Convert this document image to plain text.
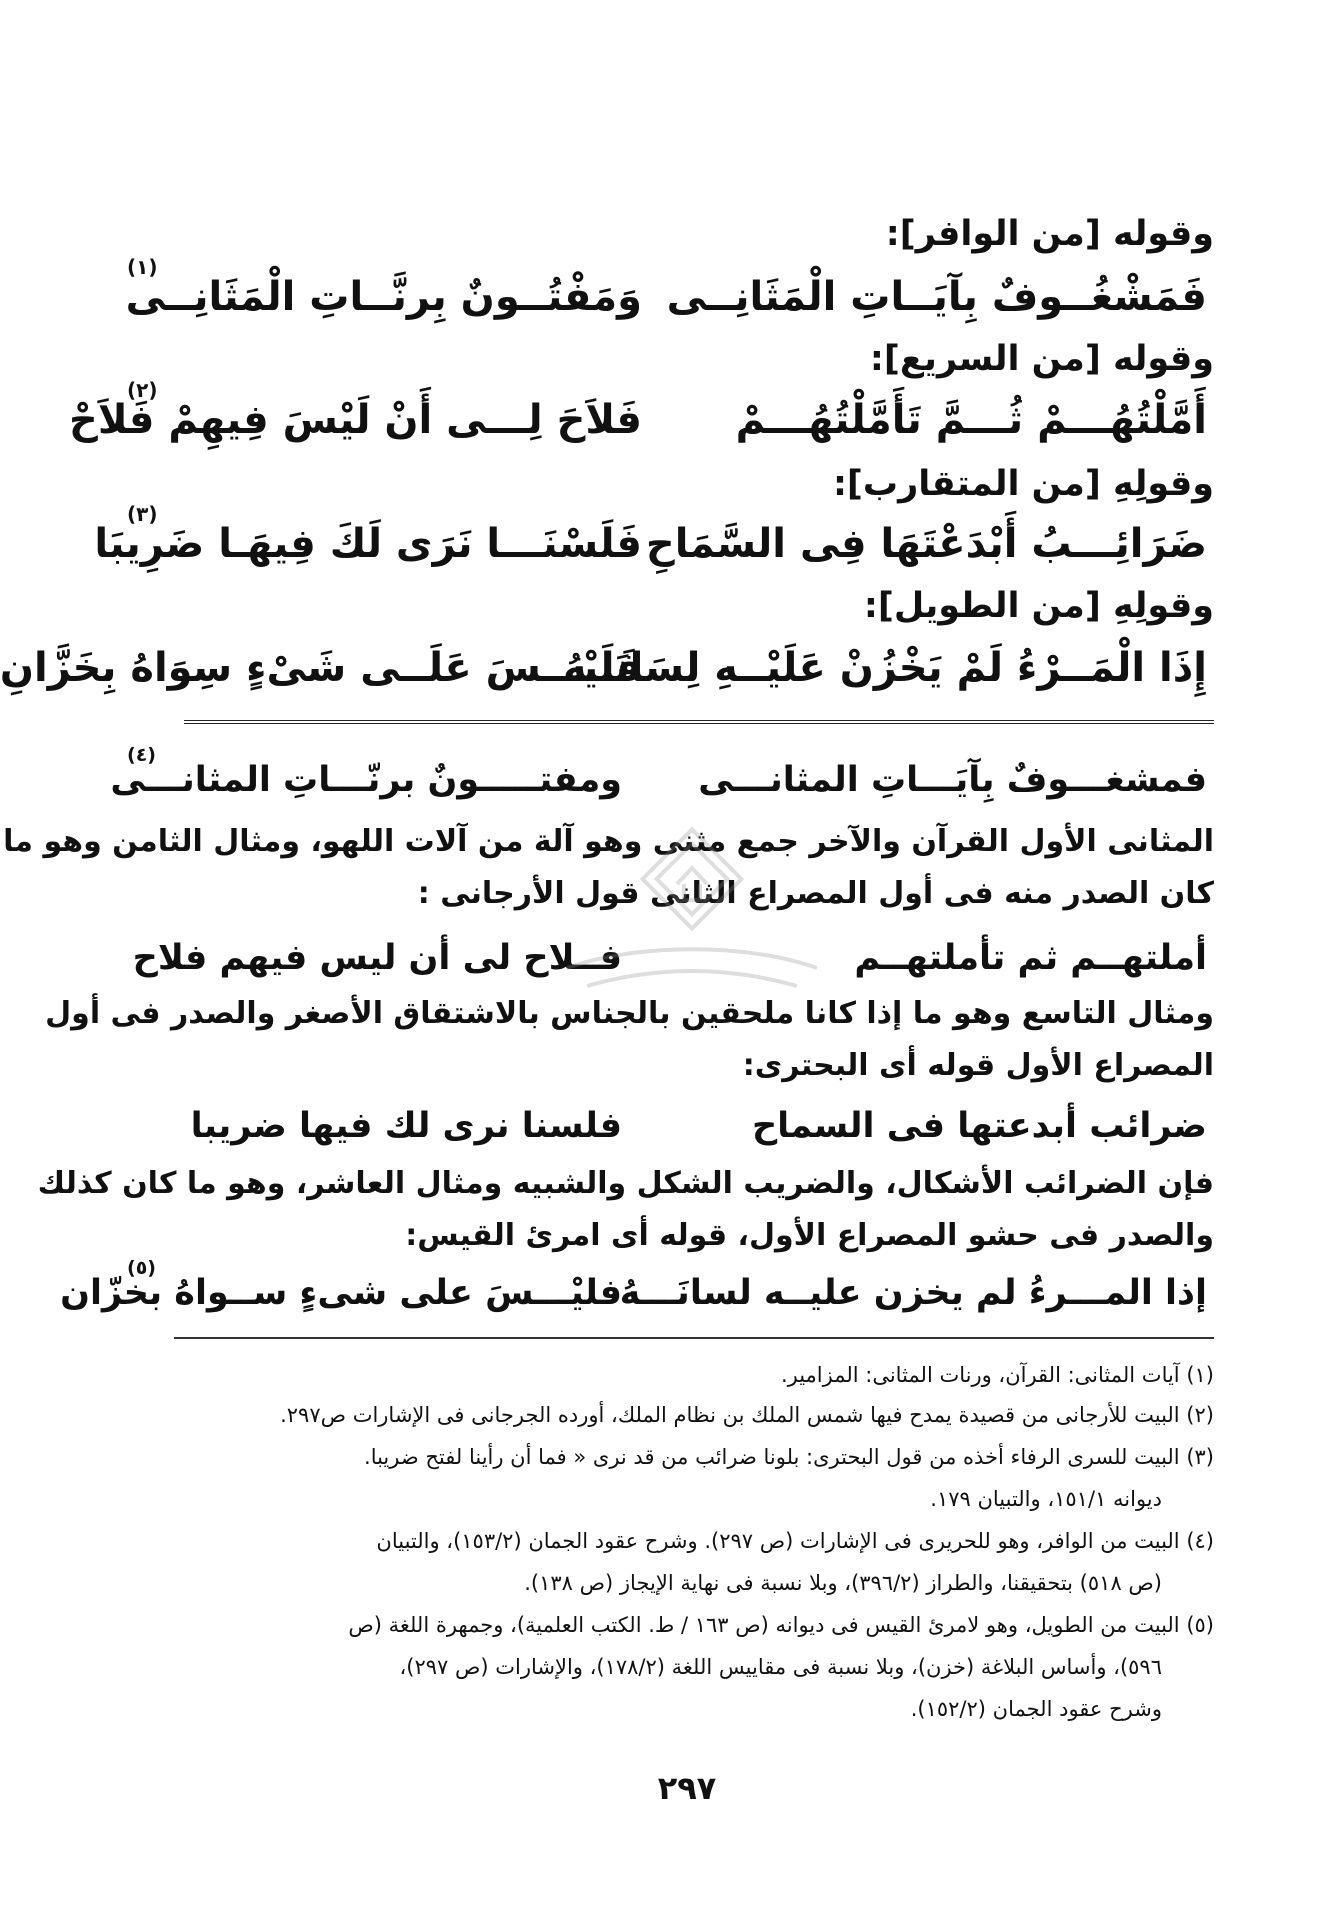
وقوله [من الوافر]:
فَمَشْغُــوفٌ بِآيَــاتِ الْمَثَانِــى
وَمَفْتُــونٌ بِرنَّــاتِ الْمَثَانِــى
(١)
وقوله [من السريع]:
أَمَّلْتُهُـــمْ ثُـــمَّ تَأَمَّلْتُهُـــمْ
فَلاَحَ لِـــى أَنْ لَيْسَ فِيهِمْ فَلاَحْ
(٢)
وقولِهِ [من المتقارب]:
ضَرَائِـــبُ أَبْدَعْتَهَا فِى السَّمَاحِ
فَلَسْنَـــا نَرَى لَكَ فِيهَـا ضَرِيبَا
(٣)
وقولِهِ [من الطويل]:
إِذَا الْمَــرْءُ لَمْ يَخْزُنْ عَلَيْــهِ لِسَانَــهُ
فَلَيْـــسَ عَلَــى شَىْءٍ سِوَاهُ بِخَزَّانِ
فمشغـــوفٌ بِآيَـــاتِ المثانـــى
ومفتـــــونٌ برنّـــاتِ المثانـــى
(٤)
المثانى الأول القرآن والآخر جمع مثنى وهو آلة من آلات اللهو، ومثال الثامن وهو ما
كان الصدر منه فى أول المصراع الثانى قول الأرجانى :
أملتهــم ثم تأملتهــم
فــلاح لى أن ليس فيهم فلاح
ومثال التاسع وهو ما إذا كانا ملحقين بالجناس بالاشتقاق الأصغر والصدر فى أول
المصراع الأول قوله أى البحترى:
ضرائب أبدعتها فى السماح
فلسنا نرى لك فيها ضريبا
فإن الضرائب الأشكال، والضريب الشكل والشبيه ومثال العاشر، وهو ما كان كذلك
والصدر فى حشو المصراع الأول، قوله أى امرئ القيس:
إذا المـــرءُ لم يخزن عليــه لسانَـــهُ
فليْـــسَ على شىءٍ ســواهُ بخزّان
(٥)
(١) آيات المثانى: القرآن، ورنات المثانى: المزامير.
(٢) البيت للأرجانى من قصيدة يمدح فيها شمس الملك بن نظام الملك، أورده الجرجانى فى الإشارات ص٢٩٧.
(٣) البيت للسرى الرفاء أخذه من قول البحترى: بلونا ضرائب من قد نرى « فما أن رأينا لفتح ضريبا.
ديوانه ١٥١/١، والتبيان ١٧٩.
(٤) البيت من الوافر، وهو للحريرى فى الإشارات (ص ٢٩٧). وشرح عقود الجمان (١٥٣/٢)، والتبيان
(ص ٥١٨) بتحقيقنا، والطراز (٣٩٦/٢)، وبلا نسبة فى نهاية الإيجاز (ص ١٣٨).
(٥) البيت من الطويل، وهو لامرئ القيس فى ديوانه (ص ١٦٣ / ط. الكتب العلمية)، وجمهرة اللغة (ص
٥٩٦)، وأساس البلاغة (خزن)، وبلا نسبة فى مقاييس اللغة (١٧٨/٢)، والإشارات (ص ٢٩٧)،
وشرح عقود الجمان (١٥٢/٢).
٢٩٧
